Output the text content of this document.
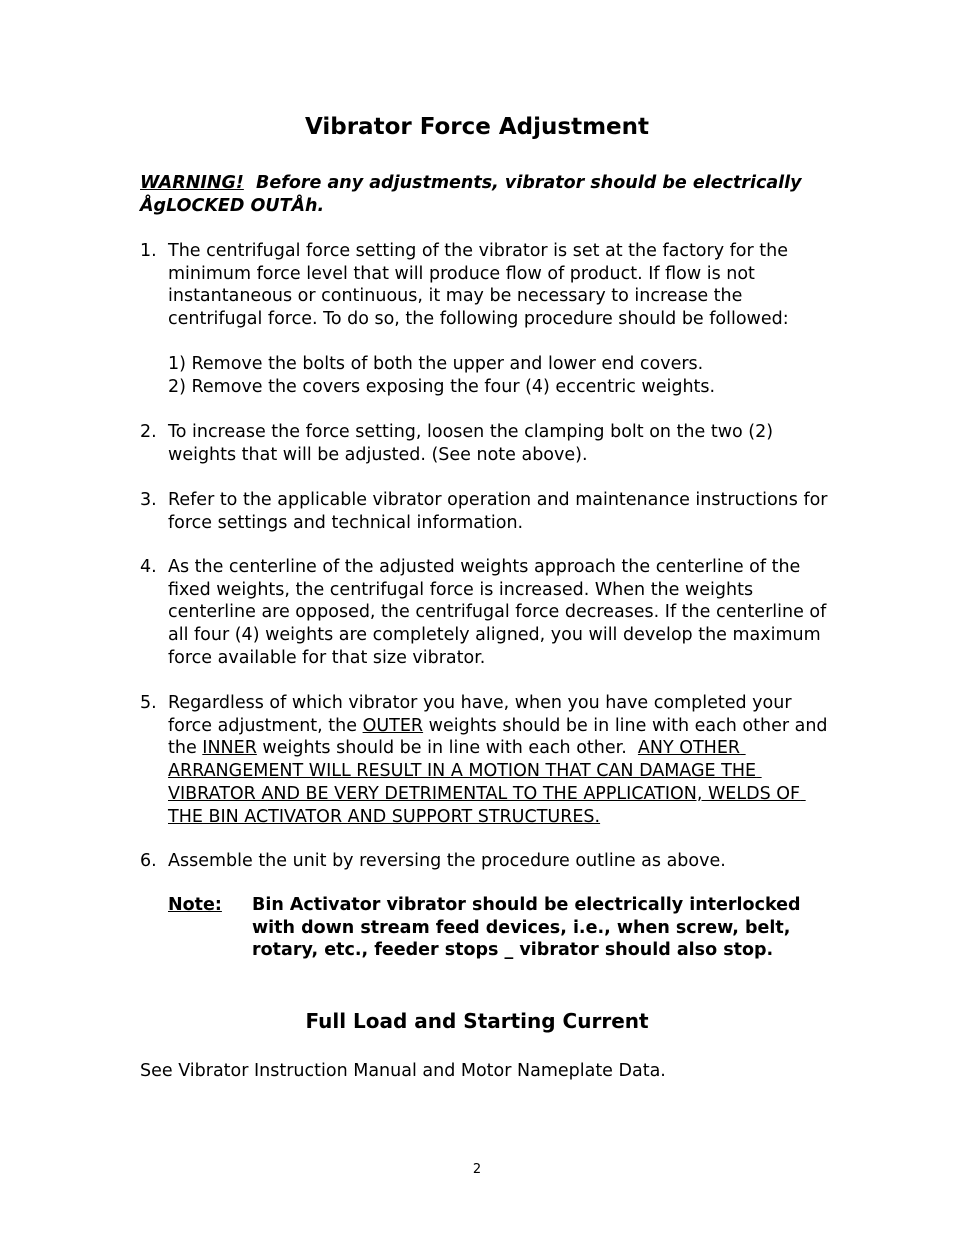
Vibrator Force Adjustment
WARNING!  Before any adjustments, vibrator should be electrically ÅgLOCKED OUTÅh.
1. The centrifugal force setting of the vibrator is set at the factory for the minimum force level that will produce flow of product. If flow is not instantaneous or continuous, it may be necessary to increase the centrifugal force. To do so, the following procedure should be followed:
1) Remove the bolts of both the upper and lower end covers.
2) Remove the covers exposing the four (4) eccentric weights.
2. To increase the force setting, loosen the clamping bolt on the two (2) weights that will be adjusted. (See note above).
3. Refer to the applicable vibrator operation and maintenance instructions for force settings and technical information.
4. As the centerline of the adjusted weights approach the centerline of the fixed weights, the centrifugal force is increased. When the weights centerline are opposed, the centrifugal force decreases. If the centerline of all four (4) weights are completely aligned, you will develop the maximum force available for that size vibrator.
5. Regardless of which vibrator you have, when you have completed your force adjustment, the OUTER weights should be in line with each other and the INNER weights should be in line with each other.  ANY OTHER ARRANGEMENT WILL RESULT IN A MOTION THAT CAN DAMAGE THE VIBRATOR AND BE VERY DETRIMENTAL TO THE APPLICATION, WELDS OF THE BIN ACTIVATOR AND SUPPORT STRUCTURES.
6. Assemble the unit by reversing the procedure outline as above.
Note: Bin Activator vibrator should be electrically interlocked with down stream feed devices, i.e., when screw, belt, rotary, etc., feeder stops _ vibrator should also stop.
Full Load and Starting Current
See Vibrator Instruction Manual and Motor Nameplate Data.
2
